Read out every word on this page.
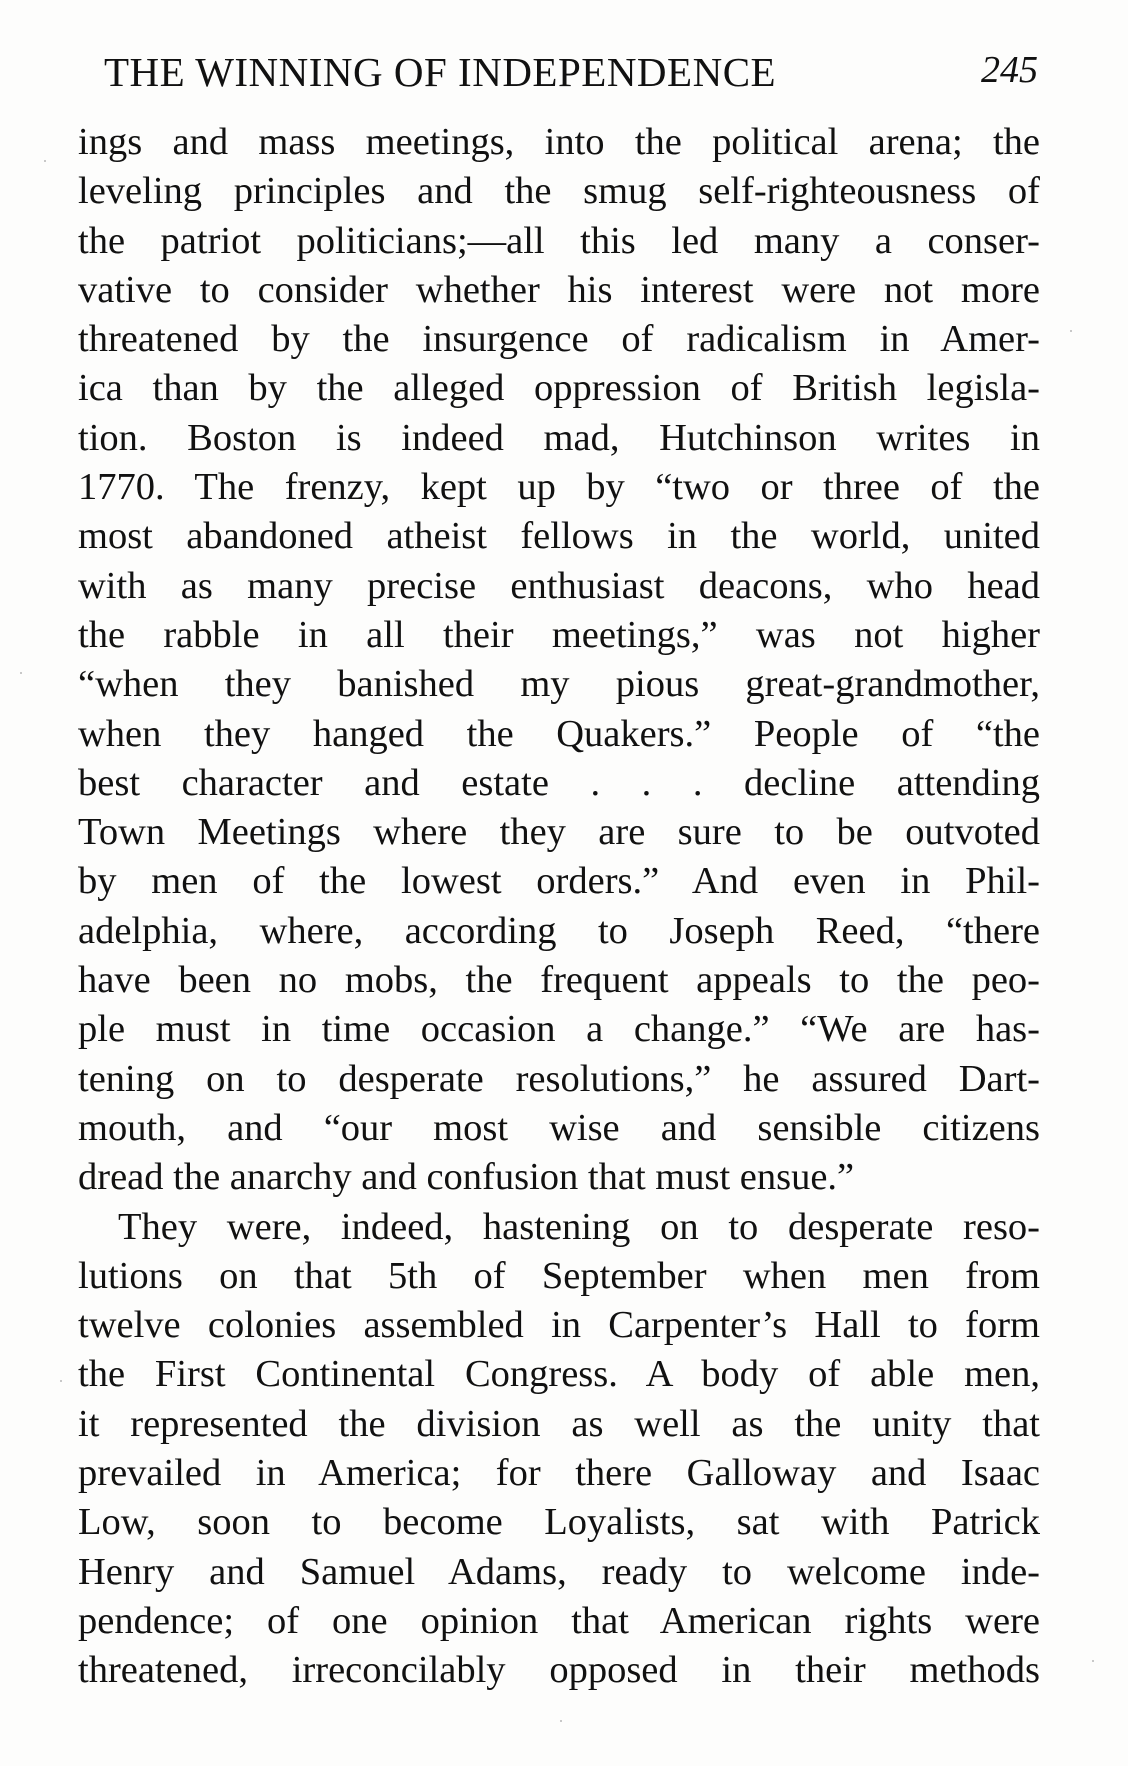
THE WINNING OF INDEPENDENCE	245
ings and mass meetings, into the political arena; the
leveling principles and the smug self-righteousness of
the patriot politicians;—all this led many a conser-
vative to consider whether his interest were not more
threatened by the insurgence of radicalism in Amer-
ica than by the alleged oppression of British legisla-
tion. Boston is indeed mad, Hutchinson writes in
1770. The frenzy, kept up by “two or three of the
most abandoned atheist fellows in the world, united
with as many precise enthusiast deacons, who head
the rabble in all their meetings,” was not higher
“when they banished my pious great-grandmother,
when they hanged the Quakers.” People of “the
best character and estate . . . decline attending
Town Meetings where they are sure to be outvoted
by men of the lowest orders.” And even in Phil-
adelphia, where, according to Joseph Reed, “there
have been no mobs, the frequent appeals to the peo-
ple must in time occasion a change.” “We are has-
tening on to desperate resolutions,” he assured Dart-
mouth, and “our most wise and sensible citizens
dread the anarchy and confusion that must ensue.”
They were, indeed, hastening on to desperate reso-
lutions on that 5th of September when men from
twelve colonies assembled in Carpenter’s Hall to form
the First Continental Congress. A body of able men,
it represented the division as well as the unity that
prevailed in America; for there Galloway and Isaac
Low, soon to become Loyalists, sat with Patrick
Henry and Samuel Adams, ready to welcome inde-
pendence; of one opinion that American rights were
threatened, irreconcilably opposed in their methods
